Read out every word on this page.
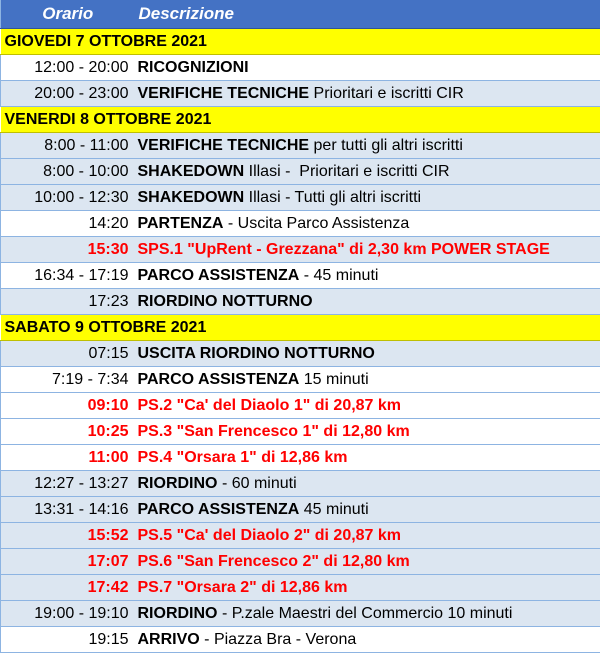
Orario	Descrizione
GIOVEDI 7 OTTOBRE 2021	
12:00 - 20:00	RICOGNIZIONI
20:00 - 23:00	VERIFICHE TECNICHE Prioritari e iscritti CIR
VENERDI 8 OTTOBRE 2021	
8:00 - 11:00	VERIFICHE TECNICHE per tutti gli altri iscritti
8:00 - 10:00	SHAKEDOWN Illasi -  Prioritari e iscritti CIR
10:00 - 12:30	SHAKEDOWN Illasi - Tutti gli altri iscritti
14:20	PARTENZA - Uscita Parco Assistenza
15:30	SPS.1 "UpRent - Grezzana" di 2,30 km POWER STAGE
16:34 - 17:19	PARCO ASSISTENZA - 45 minuti
17:23	RIORDINO NOTTURNO
SABATO 9 OTTOBRE 2021	
07:15	USCITA RIORDINO NOTTURNO
7:19 - 7:34	PARCO ASSISTENZA 15 minuti
09:10	PS.2 "Ca' del Diaolo 1" di 20,87 km
10:25	PS.3 "San Frencesco 1" di 12,80 km
11:00	PS.4 "Orsara 1" di 12,86 km
12:27 - 13:27	RIORDINO - 60 minuti
13:31 - 14:16	PARCO ASSISTENZA 45 minuti
15:52	PS.5 "Ca' del Diaolo 2" di 20,87 km
17:07	PS.6 "San Frencesco 2" di 12,80 km
17:42	PS.7 "Orsara 2" di 12,86 km
19:00 - 19:10	RIORDINO - P.zale Maestri del Commercio 10 minuti
19:15	ARRIVO - Piazza Bra - Verona
